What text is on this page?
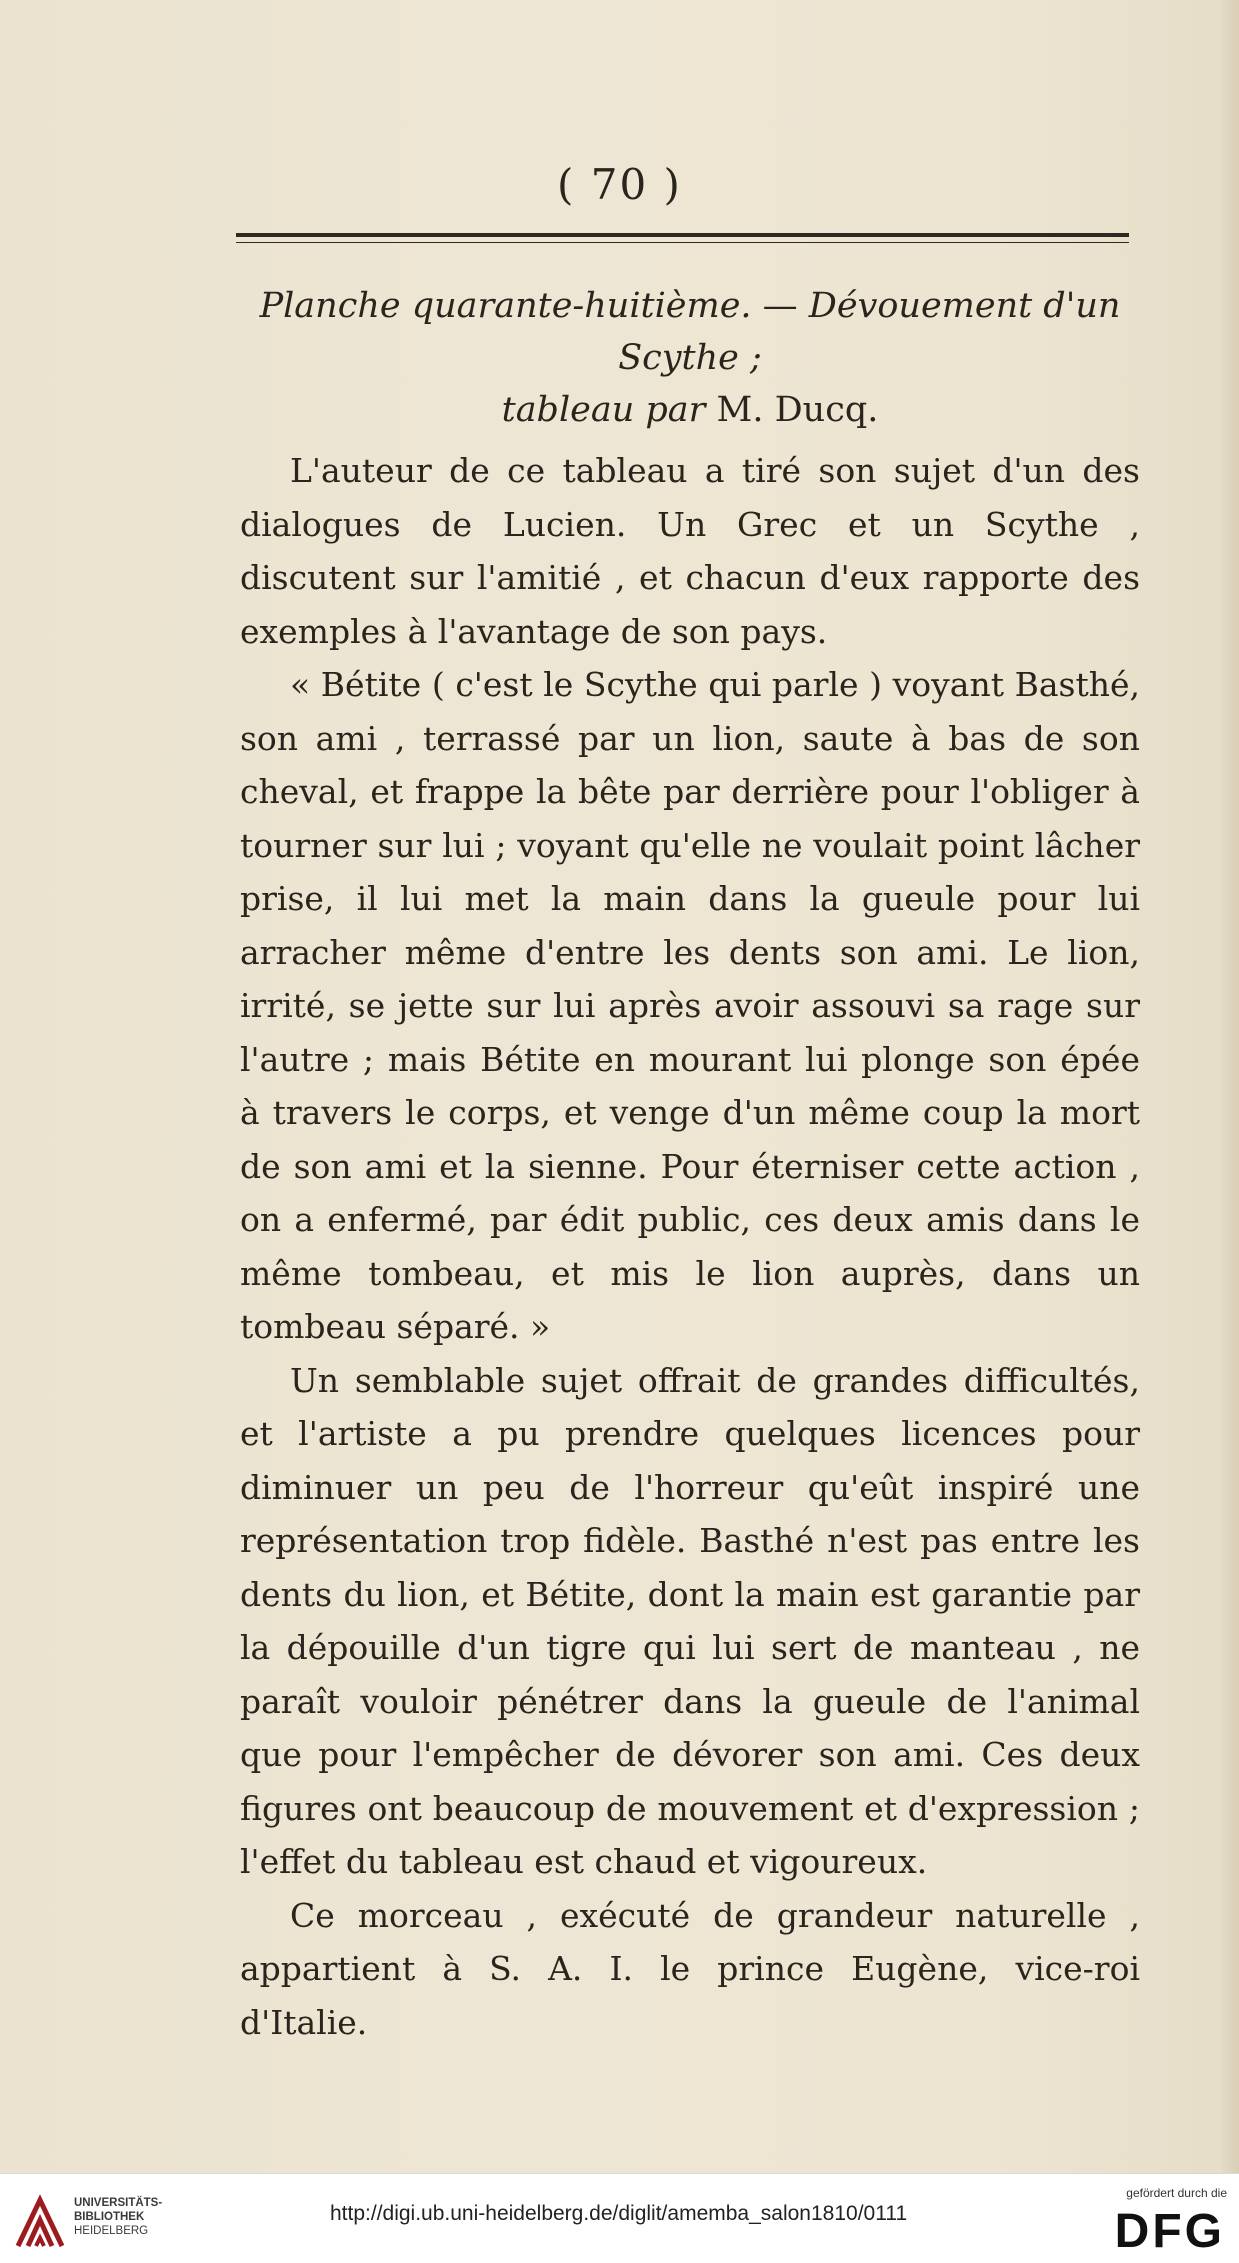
( 70 )
Planche quarante-huitième. — Dévouement d'un Scythe ;
tableau par M. Ducq.

L'auteur de ce tableau a tiré son sujet d'un des dialogues de Lucien. Un Grec et un Scythe , discutent sur l'amitié , et chacun d'eux rapporte des exemples à l'avantage de son pays.

« Bétite ( c'est le Scythe qui parle ) voyant Basthé, son ami , terrassé par un lion, saute à bas de son cheval, et frappe la bête par derrière pour l'obliger à tourner sur lui ; voyant qu'elle ne voulait point lâcher prise, il lui met la main dans la gueule pour lui arracher même d'entre les dents son ami. Le lion, irrité, se jette sur lui après avoir assouvi sa rage sur l'autre ; mais Bétite en mourant lui plonge son épée à travers le corps, et venge d'un même coup la mort de son ami et la sienne. Pour éterniser cette action , on a enfermé, par édit public, ces deux amis dans le même tombeau, et mis le lion auprès, dans un tombeau séparé. »

Un semblable sujet offrait de grandes difficultés, et l'artiste a pu prendre quelques licences pour diminuer un peu de l'horreur qu'eût inspiré une représentation trop fidèle. Basthé n'est pas entre les dents du lion, et Bétite, dont la main est garantie par la dépouille d'un tigre qui lui sert de manteau , ne paraît vouloir pénétrer dans la gueule de l'animal que pour l'empêcher de dévorer son ami. Ces deux figures ont beaucoup de mouvement et d'expression ; l'effet du tableau est chaud et vigoureux.

Ce morceau , exécuté de grandeur naturelle , appartient à S. A. I. le prince Eugène, vice-roi d'Italie.

UNIVERSITÄTS-
BIBLIOTHEK
HEIDELBERG
http://digi.ub.uni-heidelberg.de/diglit/amemba_salon1810/0111
gefördert durch die
DFG
